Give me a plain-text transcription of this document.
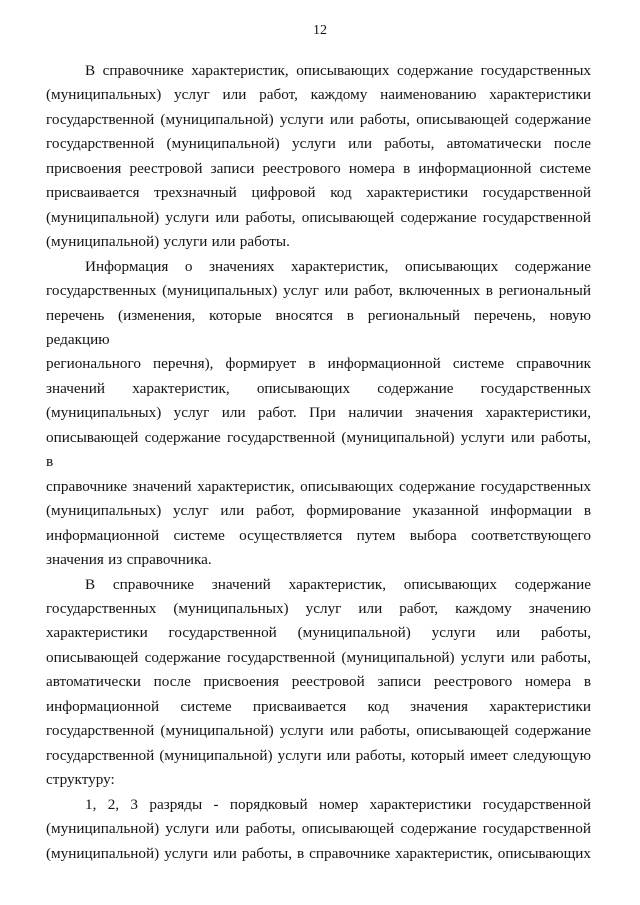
12
В справочнике характеристик, описывающих содержание государственных
(муниципальных) услуг или работ, каждому наименованию характеристики
государственной (муниципальной) услуги или работы, описывающей содержание
государственной (муниципальной) услуги или работы, автоматически после
присвоения реестровой записи реестрового номера в информационной системе
присваивается трехзначный цифровой код характеристики государственной
(муниципальной) услуги или работы, описывающей содержание государственной
(муниципальной) услуги или работы.
Информация о значениях характеристик, описывающих содержание
государственных (муниципальных) услуг или работ, включенных в региональный
перечень (изменения, которые вносятся в региональный перечень, новую редакцию
регионального перечня), формирует в информационной системе справочник
значений характеристик, описывающих содержание государственных
(муниципальных) услуг или работ. При наличии значения характеристики,
описывающей содержание государственной (муниципальной) услуги или работы, в
справочнике значений характеристик, описывающих содержание государственных
(муниципальных) услуг или работ, формирование указанной информации в
информационной системе осуществляется путем выбора соответствующего
значения из справочника.
В справочнике значений характеристик, описывающих содержание
государственных (муниципальных) услуг или работ, каждому значению
характеристики государственной (муниципальной) услуги или работы,
описывающей содержание государственной (муниципальной) услуги или работы,
автоматически после присвоения реестровой записи реестрового номера в
информационной системе присваивается код значения характеристики
государственной (муниципальной) услуги или работы, описывающей содержание
государственной (муниципальной) услуги или работы, который имеет следующую
структуру:
1, 2, 3 разряды - порядковый номер характеристики государственной
(муниципальной) услуги или работы, описывающей содержание государственной
(муниципальной) услуги или работы, в справочнике характеристик, описывающих
